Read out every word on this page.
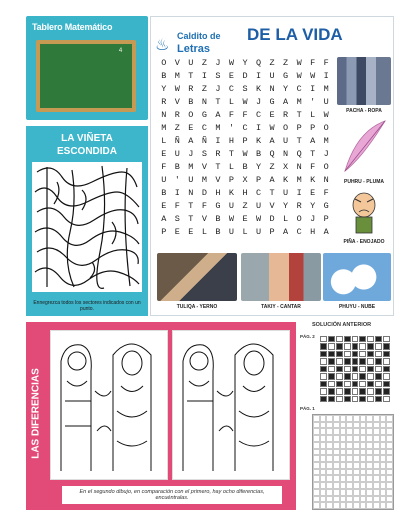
Tablero Matemático
4
LA VIÑETA
ESCONDIDA
Ennegrezca todos los sectores indicados con un punto.
♨
Caldito de
Letras
DE LA VIDA
O V U Z J W Y Q Z Z W F F
B M T I S E D I U G W W I
Y W R Z J C S K N Y C I M
R V B N T L W J G A M ' U
N R O G A F F C E R T L W
M Z E C M ' C I W O P P O
L Ñ A Ñ I H P K A U T A M
E U J S R T W B Q N Q T J
F B M V T L B Y Z X N F O
U ' U M V P X P A K M K N
B I N D H K H C T U I E F
E F T F G U Z U V Y R Y G
A S T V B W E W D L O J P
P E E L B U L U P A C H A
PACHA - ROPA
PUHRU - PLUMA
PIÑA - ENOJADO
TULIQA - YERNO	TAKIY - CANTAR	PHUYU - NUBE
LAS DIFERENCIAS
En el segundo dibujo, en comparación con el primero, hay ocho diferencias, encuéntralas.
SOLUCIÓN ANTERIOR
PÁG. 2
PÁG. 1
